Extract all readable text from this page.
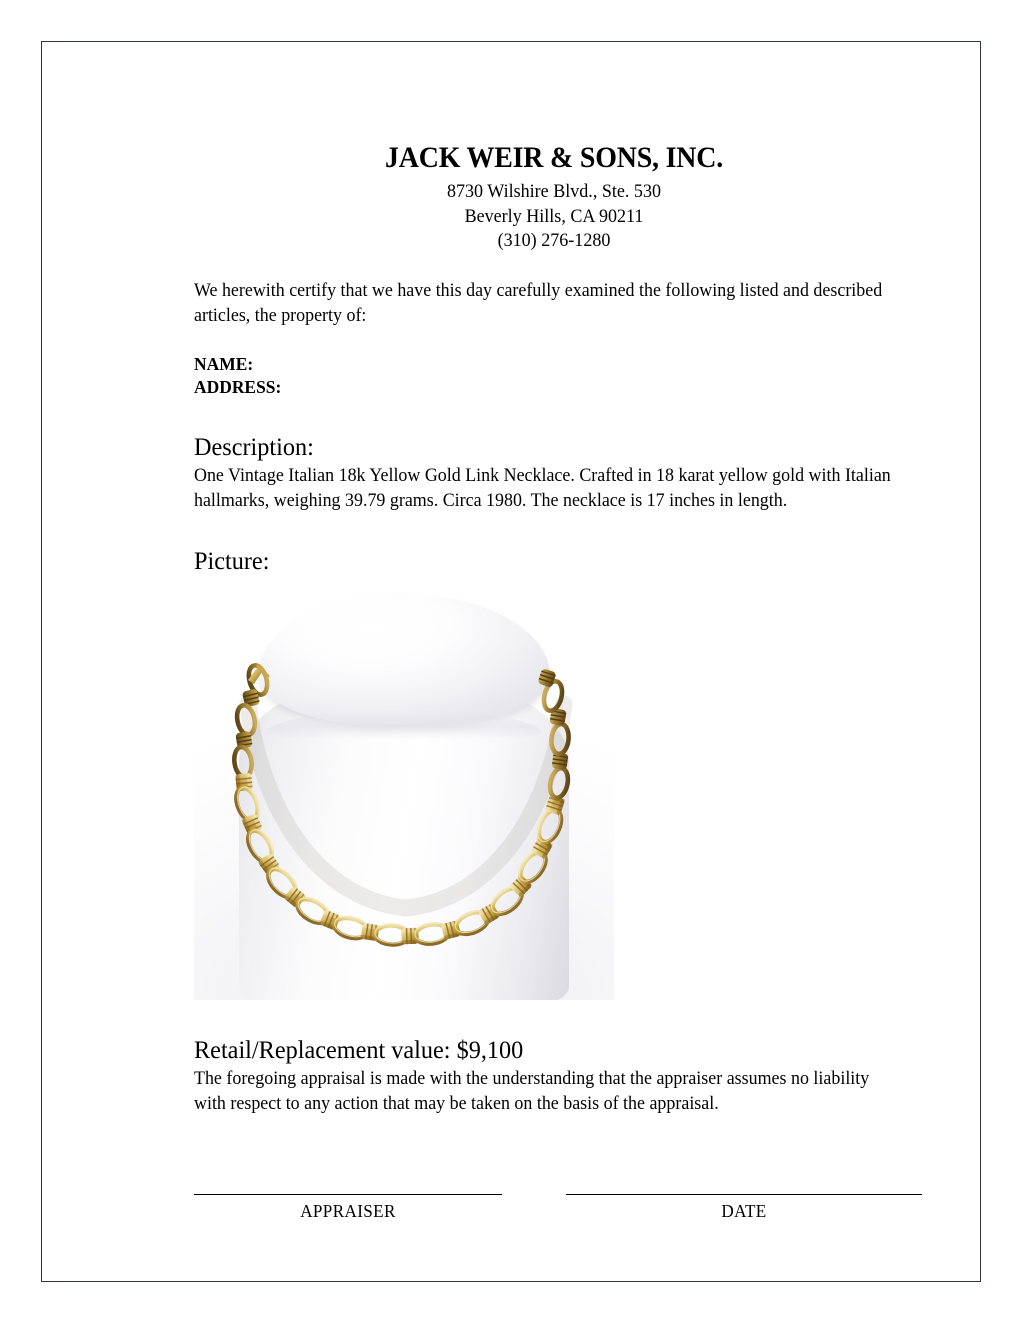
JACK WEIR & SONS, INC.
8730 Wilshire Blvd., Ste. 530
Beverly Hills, CA 90211
(310) 276-1280

We herewith certify that we have this day carefully examined the following listed and described articles, the property of:

NAME:
ADDRESS:
Description:

One Vintage Italian 18k Yellow Gold Link Necklace. Crafted in 18 karat yellow gold with Italian hallmarks, weighing 39.79 grams. Circa 1980. The necklace is 17 inches in length.

Picture:
Retail/Replacement value: $9,100

The foregoing appraisal is made with the understanding that the appraiser assumes no liability with respect to any action that may be taken on the basis of the appraisal.

APPRAISER	DATE
